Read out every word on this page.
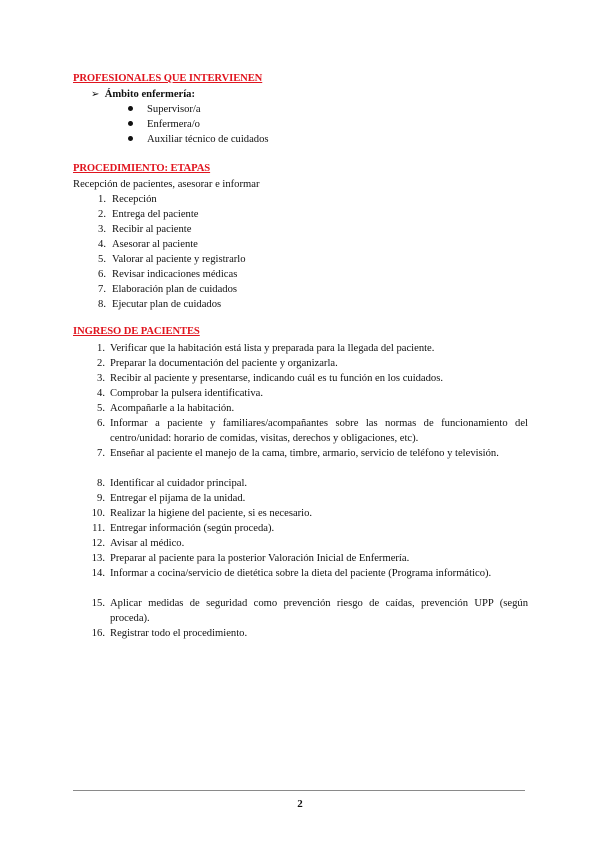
PROFESIONALES QUE INTERVIENEN

➢ Ámbito enfermería:

Supervisor/a

Enfermera/o

Auxiliar técnico de cuidados

PROCEDIMIENTO: ETAPAS

Recepción de pacientes, asesorar e informar

1. Recepción

2. Entrega del paciente

3. Recibir al paciente

4. Asesorar al paciente

5. Valorar al paciente y registrarlo

6. Revisar indicaciones médicas

7. Elaboración plan de cuidados

8. Ejecutar plan de cuidados

INGRESO DE PACIENTES

1. Verificar que la habitación está lista y preparada para la llegada del paciente.
2. Preparar la documentación del paciente y organizarla.
3. Recibir al paciente y presentarse, indicando cuál es tu función en los cuidados.
4. Comprobar la pulsera identificativa.
5. Acompañarle a la habitación.
6. Informar a paciente y familiares/acompañantes sobre las normas de funcionamiento del centro/unidad: horario de comidas, visitas, derechos y obligaciones, etc).
7. Enseñar al paciente el manejo de la cama, timbre, armario, servicio de teléfono y televisión.
8. Identificar al cuidador principal.
9. Entregar el pijama de la unidad.
10. Realizar la higiene del paciente, si es necesario.
11. Entregar información (según proceda).
12. Avisar al médico.
13. Preparar al paciente para la posterior Valoración Inicial de Enfermería.
14. Informar a cocina/servicio de dietética sobre la dieta del paciente (Programa informático).
15. Aplicar medidas de seguridad como prevención riesgo de caídas, prevención UPP (según proceda).
16. Registrar todo el procedimiento.
2
